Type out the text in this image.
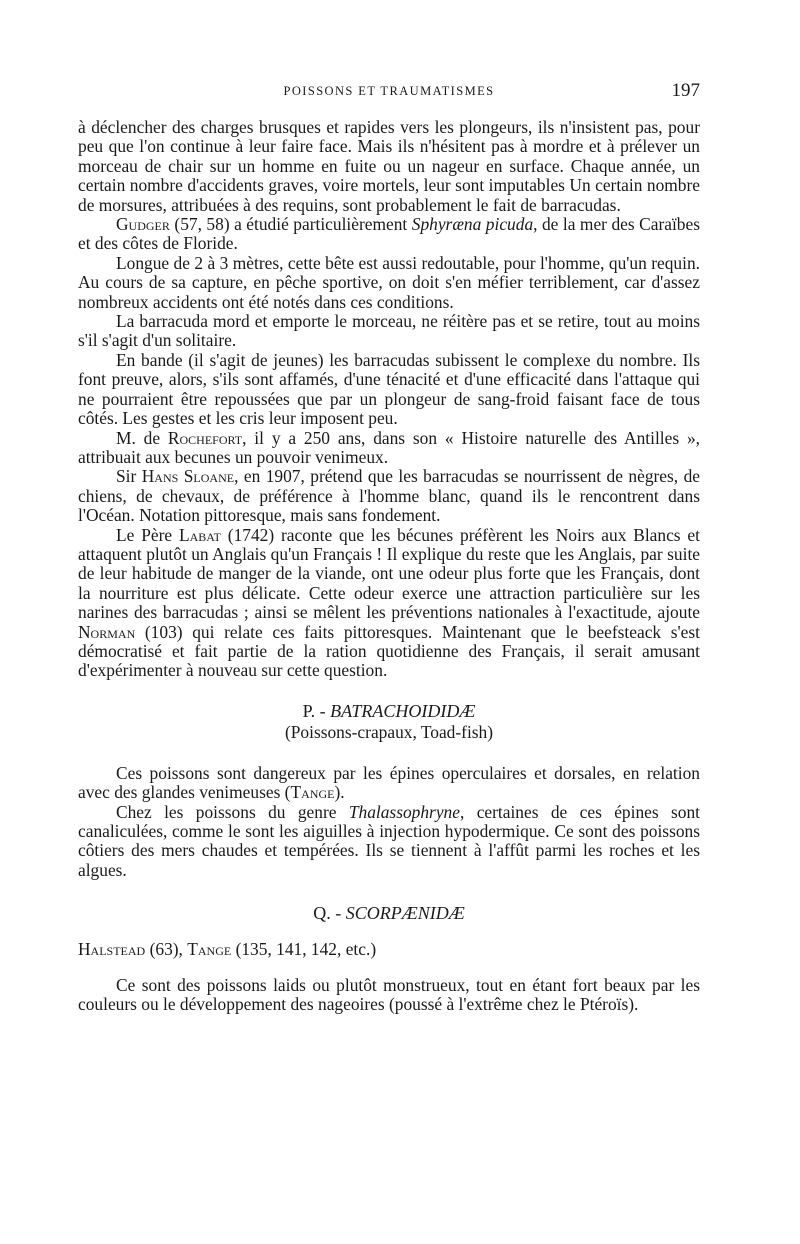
POISSONS ET TRAUMATISMES	197

à déclencher des charges brusques et rapides vers les plongeurs, ils n'insistent pas, pour peu que l'on continue à leur faire face. Mais ils n'hésitent pas à mordre et à prélever un morceau de chair sur un homme en fuite ou un nageur en surface. Chaque année, un certain nombre d'accidents graves, voire mortels, leur sont imputables Un certain nombre de morsures, attribuées à des requins, sont probablement le fait de barracudas.

Gudger (57, 58) a étudié particulièrement Sphyræna picuda, de la mer des Caraïbes et des côtes de Floride.

Longue de 2 à 3 mètres, cette bête est aussi redoutable, pour l'homme, qu'un requin. Au cours de sa capture, en pêche sportive, on doit s'en méfier terriblement, car d'assez nombreux accidents ont été notés dans ces conditions.

La barracuda mord et emporte le morceau, ne réitère pas et se retire, tout au moins s'il s'agit d'un solitaire.

En bande (il s'agit de jeunes) les barracudas subissent le complexe du nombre. Ils font preuve, alors, s'ils sont affamés, d'une ténacité et d'une efficacité dans l'attaque qui ne pourraient être repoussées que par un plongeur de sang-froid faisant face de tous côtés. Les gestes et les cris leur imposent peu.

M. de Rochefort, il y a 250 ans, dans son « Histoire naturelle des Antilles », attribuait aux becunes un pouvoir venimeux.

Sir Hans Sloane, en 1907, prétend que les barracudas se nourrissent de nègres, de chiens, de chevaux, de préférence à l'homme blanc, quand ils le rencontrent dans l'Océan. Notation pittoresque, mais sans fondement.

Le Père Labat (1742) raconte que les bécunes préfèrent les Noirs aux Blancs et attaquent plutôt un Anglais qu'un Français ! Il explique du reste que les Anglais, par suite de leur habitude de manger de la viande, ont une odeur plus forte que les Français, dont la nourriture est plus délicate. Cette odeur exerce une attraction particulière sur les narines des barracudas ; ainsi se mêlent les préventions nationales à l'exactitude, ajoute Norman (103) qui relate ces faits pittoresques. Maintenant que le beefsteack s'est démocratisé et fait partie de la ration quotidienne des Français, il serait amusant d'expérimenter à nouveau sur cette question.

P. - BATRACHOIDIDÆ

(Poissons-crapaux, Toad-fish)

Ces poissons sont dangereux par les épines operculaires et dorsales, en relation avec des glandes venimeuses (Tange).

Chez les poissons du genre Thalassophryne, certaines de ces épines sont canaliculées, comme le sont les aiguilles à injection hypodermique. Ce sont des poissons côtiers des mers chaudes et tempérées. Ils se tiennent à l'affût parmi les roches et les algues.

Q. - SCORPÆNIDÆ

Halstead (63), Tange (135, 141, 142, etc.)

Ce sont des poissons laids ou plutôt monstrueux, tout en étant fort beaux par les couleurs ou le développement des nageoires (poussé à l'extrême chez le Ptéroïs).
